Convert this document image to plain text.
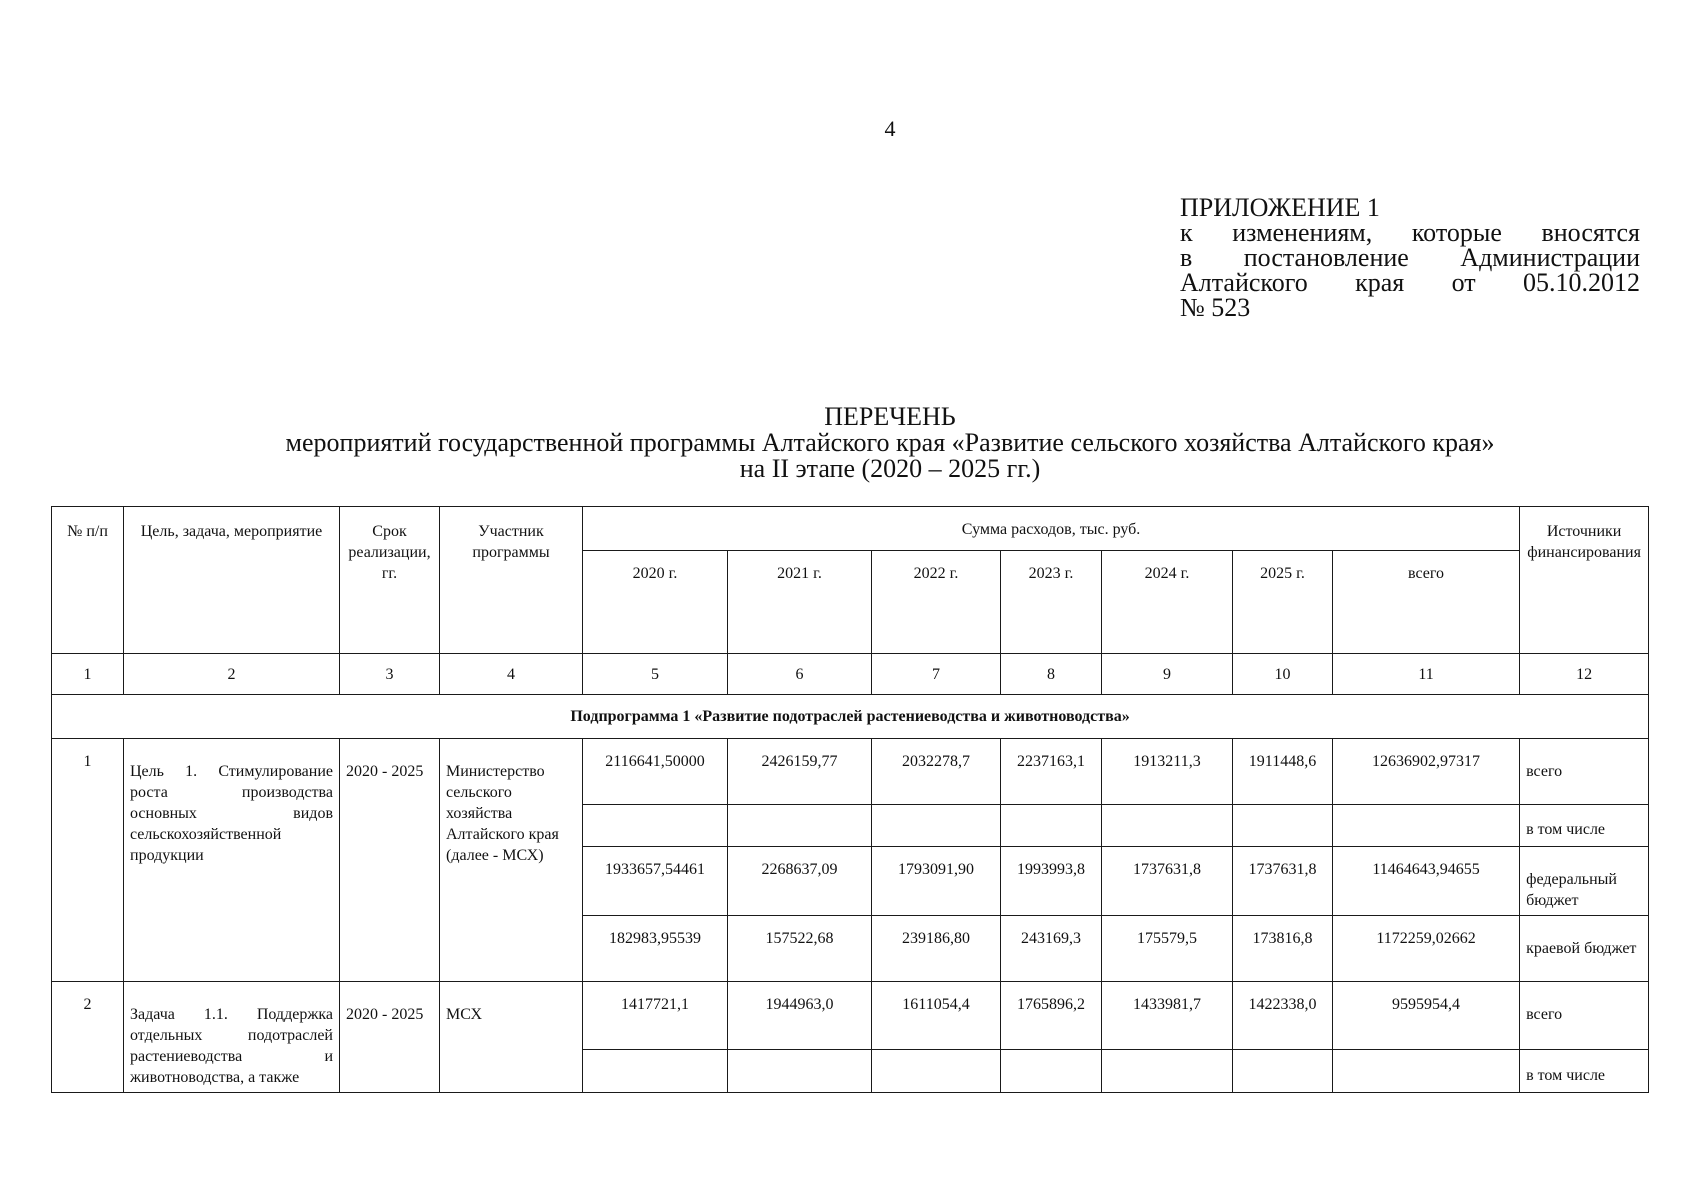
4
ПРИЛОЖЕНИЕ 1
к изменениям, которые вносятся
в постановление Администрации
Алтайского края от 05.10.2012
№ 523
ПЕРЕЧЕНЬ
мероприятий государственной программы Алтайского края «Развитие сельского хозяйства Алтайского края»
на II этапе (2020 – 2025 гг.)
№ п/п	Цель, задача, мероприятие	Срок реализации, гг.	Участник программы	Сумма расходов, тыс. руб.							Источники финансирования
				2020 г.	2021 г.	2022 г.	2023 г.	2024 г.	2025 г.	всего	
1	2	3	4	5	6	7	8	9	10	11	12
Подпрограмма 1 «Развитие подотраслей растениеводства и животноводства»											
1	Цель 1. Стимулирование роста производства основных видов сельскохозяйственной продукции	2020 - 2025	Министерство сельского хозяйства Алтайского края (далее - МСХ)	2116641,50000	2426159,77	2032278,7	2237163,1	1913211,3	1911448,6	12636902,97317	всего
											в том числе
				1933657,54461	2268637,09	1793091,90	1993993,8	1737631,8	1737631,8	11464643,94655	федеральный бюджет
				182983,95539	157522,68	239186,80	243169,3	175579,5	173816,8	1172259,02662	краевой бюджет
2	Задача 1.1. Поддержка отдельных подотраслей растениеводства и животноводства, а также	2020 - 2025	МСХ	1417721,1	1944963,0	1611054,4	1765896,2	1433981,7	1422338,0	9595954,4	всего
											в том числе
